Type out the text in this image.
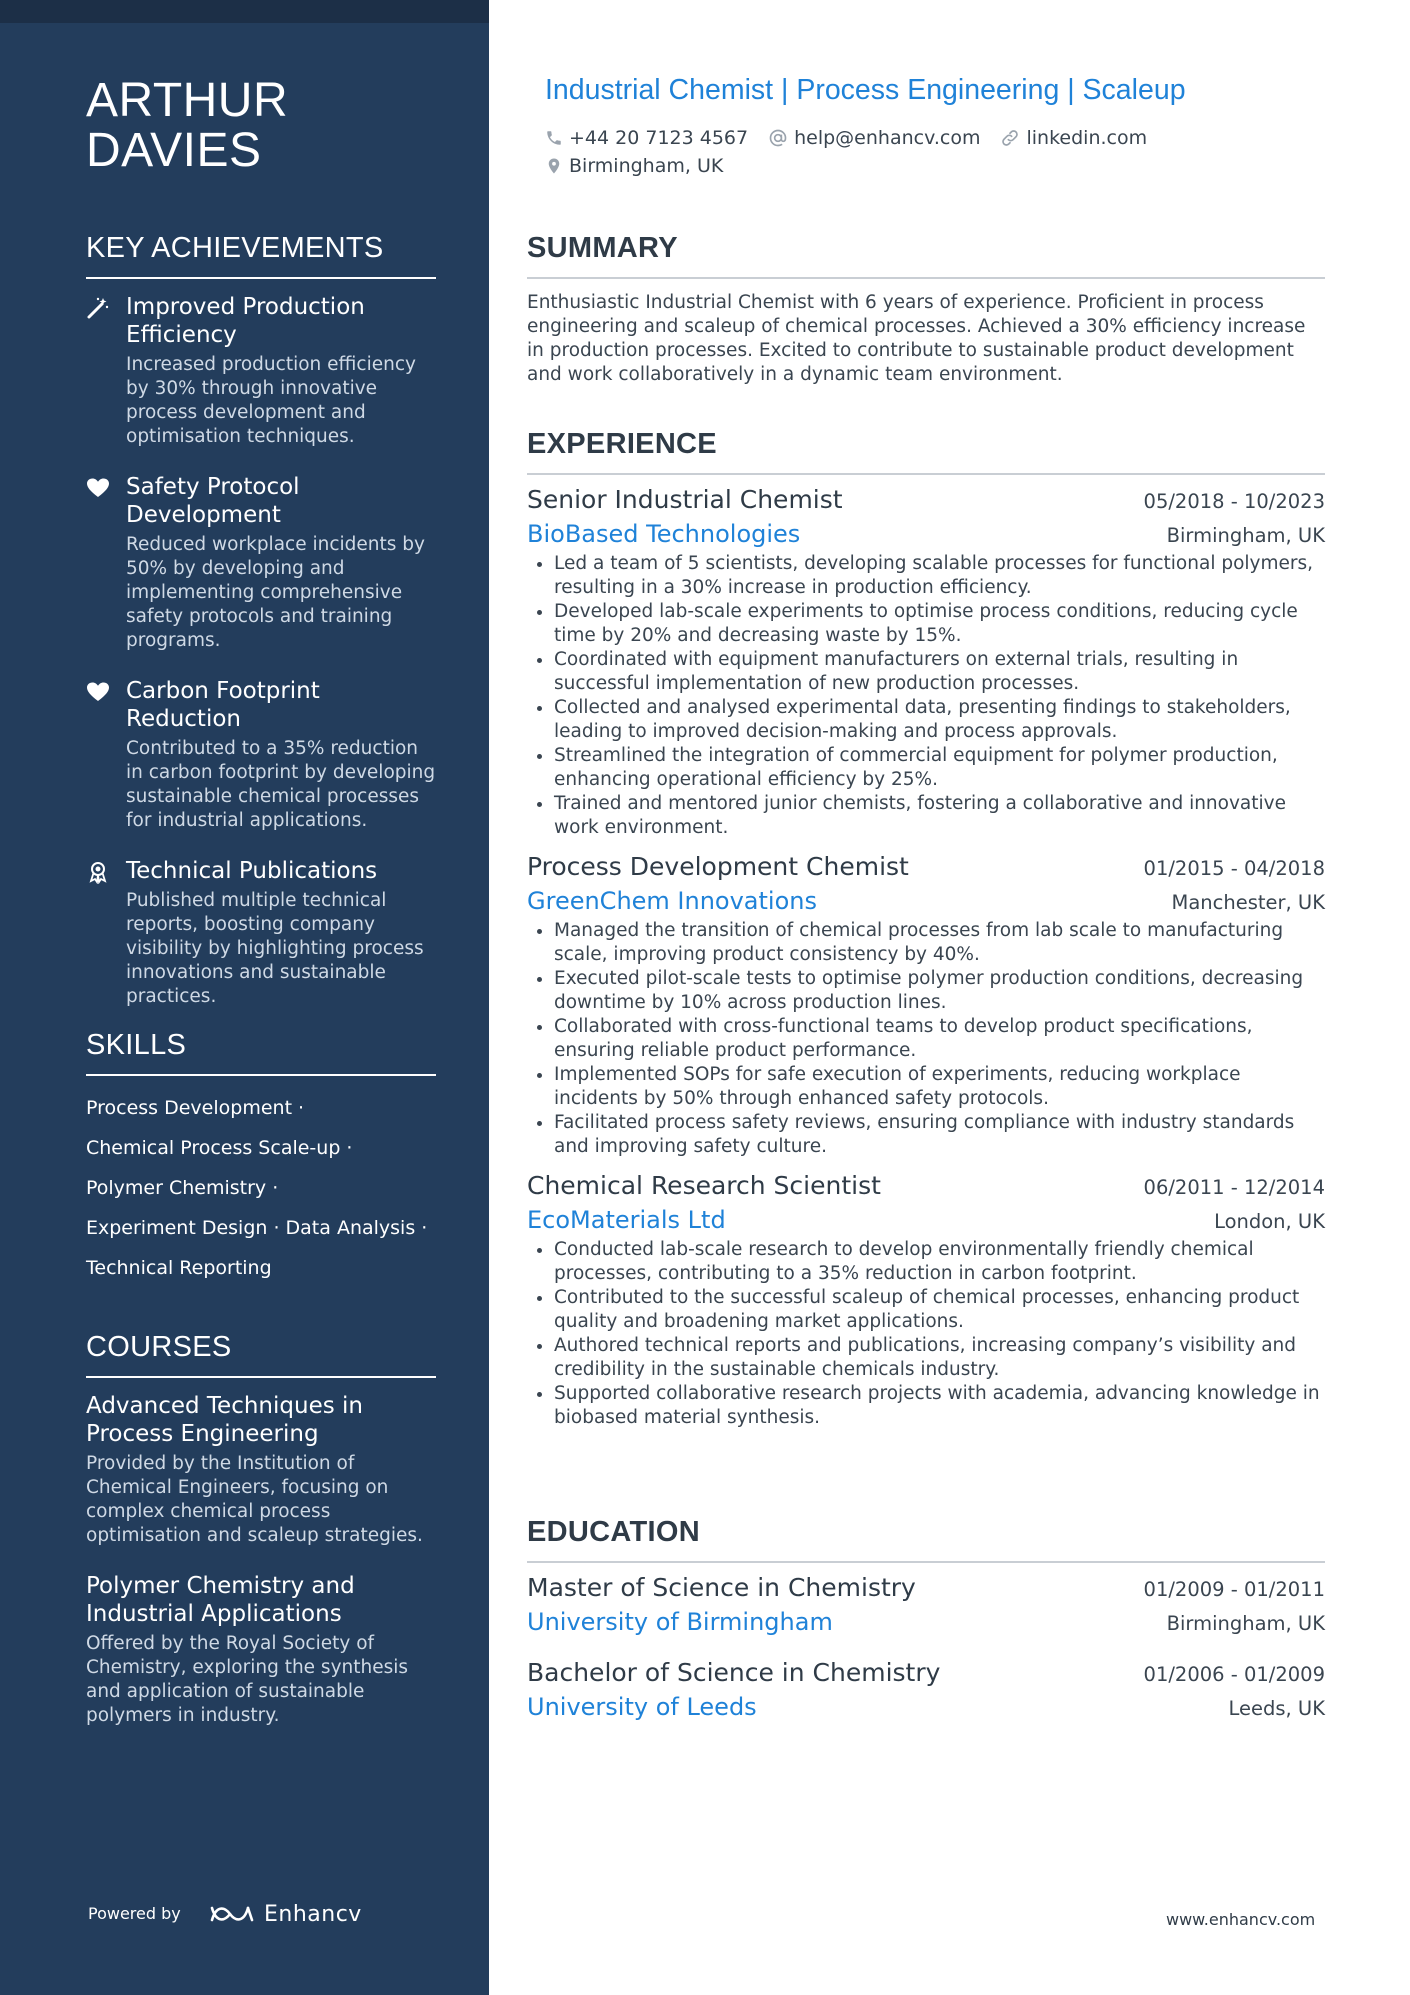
ARTHUR
DAVIES
KEY ACHIEVEMENTS
Improved Production Efficiency
Increased production efficiency by 30% through innovative process development and optimisation techniques.
Safety Protocol Development
Reduced workplace incidents by 50% by developing and implementing comprehensive safety protocols and training programs.
Carbon Footprint Reduction
Contributed to a 35% reduction in carbon footprint by developing sustainable chemical processes for industrial applications.
Technical Publications
Published multiple technical reports, boosting company visibility by highlighting process innovations and sustainable practices.
SKILLS
Process Development ·
Chemical Process Scale-up ·
Polymer Chemistry ·
Experiment Design · Data Analysis ·
Technical Reporting
COURSES
Advanced Techniques in Process Engineering
Provided by the Institution of Chemical Engineers, focusing on complex chemical process optimisation and scaleup strategies.
Polymer Chemistry and Industrial Applications
Offered by the Royal Society of Chemistry, exploring the synthesis and application of sustainable polymers in industry.
Powered by	Enhancv
Industrial Chemist | Process Engineering | Scaleup
+44 20 7123 4567 help@enhancv.com linkedin.com
Birmingham, UK
SUMMARY
Enthusiastic Industrial Chemist with 6 years of experience. Proficient in process engineering and scaleup of chemical processes. Achieved a 30% efficiency increase in production processes. Excited to contribute to sustainable product development and work collaboratively in a dynamic team environment.
EXPERIENCE
Senior Industrial Chemist	05/2018 - 10/2023
BioBased Technologies	Birmingham, UK
• Led a team of 5 scientists, developing scalable processes for functional polymers, resulting in a 30% increase in production efficiency.
• Developed lab-scale experiments to optimise process conditions, reducing cycle time by 20% and decreasing waste by 15%.
• Coordinated with equipment manufacturers on external trials, resulting in successful implementation of new production processes.
• Collected and analysed experimental data, presenting findings to stakeholders, leading to improved decision-making and process approvals.
• Streamlined the integration of commercial equipment for polymer production, enhancing operational efficiency by 25%.
• Trained and mentored junior chemists, fostering a collaborative and innovative work environment.
Process Development Chemist	01/2015 - 04/2018
GreenChem Innovations	Manchester, UK
• Managed the transition of chemical processes from lab scale to manufacturing scale, improving product consistency by 40%.
• Executed pilot-scale tests to optimise polymer production conditions, decreasing downtime by 10% across production lines.
• Collaborated with cross-functional teams to develop product specifications, ensuring reliable product performance.
• Implemented SOPs for safe execution of experiments, reducing workplace incidents by 50% through enhanced safety protocols.
• Facilitated process safety reviews, ensuring compliance with industry standards and improving safety culture.
Chemical Research Scientist	06/2011 - 12/2014
EcoMaterials Ltd	London, UK
• Conducted lab-scale research to develop environmentally friendly chemical processes, contributing to a 35% reduction in carbon footprint.
• Contributed to the successful scaleup of chemical processes, enhancing product quality and broadening market applications.
• Authored technical reports and publications, increasing company’s visibility and credibility in the sustainable chemicals industry.
• Supported collaborative research projects with academia, advancing knowledge in biobased material synthesis.
EDUCATION
Master of Science in Chemistry	01/2009 - 01/2011
University of Birmingham	Birmingham, UK
Bachelor of Science in Chemistry	01/2006 - 01/2009
University of Leeds	Leeds, UK
www.enhancv.com
